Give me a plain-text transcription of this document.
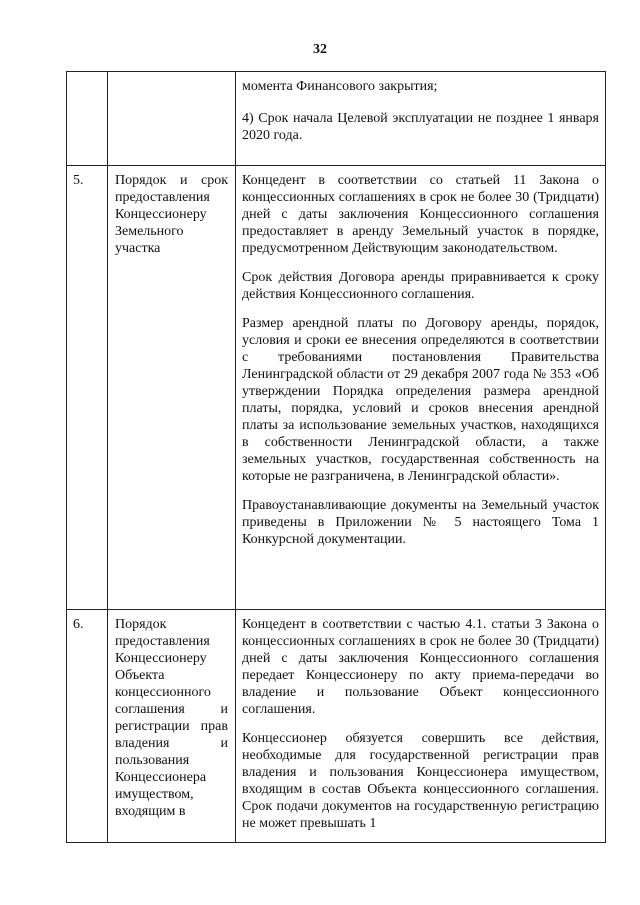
32

		момента Финансового закрытия;

4) Срок начала Целевой эксплуатации не позднее 1 января 2020 года.

5.	Порядок и срок предоставления Концессионеру Земельного участка	Концедент в соответствии со статьей 11 Закона о концессионных соглашениях в срок не более 30 (Тридцати) дней с даты заключения Концессионного соглашения предоставляет в аренду Земельный участок в порядке, предусмотренном Действующим законодательством.

Срок действия Договора аренды приравнивается к сроку действия Концессионного соглашения.

Размер арендной платы по Договору аренды, порядок, условия и сроки ее внесения определяются в соответствии с требованиями постановления Правительства Ленинградской области от 29 декабря 2007 года № 353 «Об утверждении Порядка определения размера арендной платы, порядка, условий и сроков внесения арендной платы за использование земельных участков, находящихся в собственности Ленинградской области, а также земельных участков, государственная собственность на которые не разграничена, в Ленинградской области».

Правоустанавливающие документы на Земельный участок приведены в Приложении № 5 настоящего Тома 1 Конкурсной документации.

6.	Порядок предоставления Концессионеру Объекта концессионного соглашения и регистрации прав владения и пользования Концессионера имуществом, входящим в	Концедент в соответствии с частью 4.1. статьи 3 Закона о концессионных соглашениях в срок не более 30 (Тридцати) дней с даты заключения Концессионного соглашения передает Концессионеру по акту приема-передачи во владение и пользование Объект концессионного соглашения.

Концессионер обязуется совершить все действия, необходимые для государственной регистрации прав владения и пользования Концессионера имуществом, входящим в состав Объекта концессионного соглашения. Срок подачи документов на государственную регистрацию не может превышать 1
